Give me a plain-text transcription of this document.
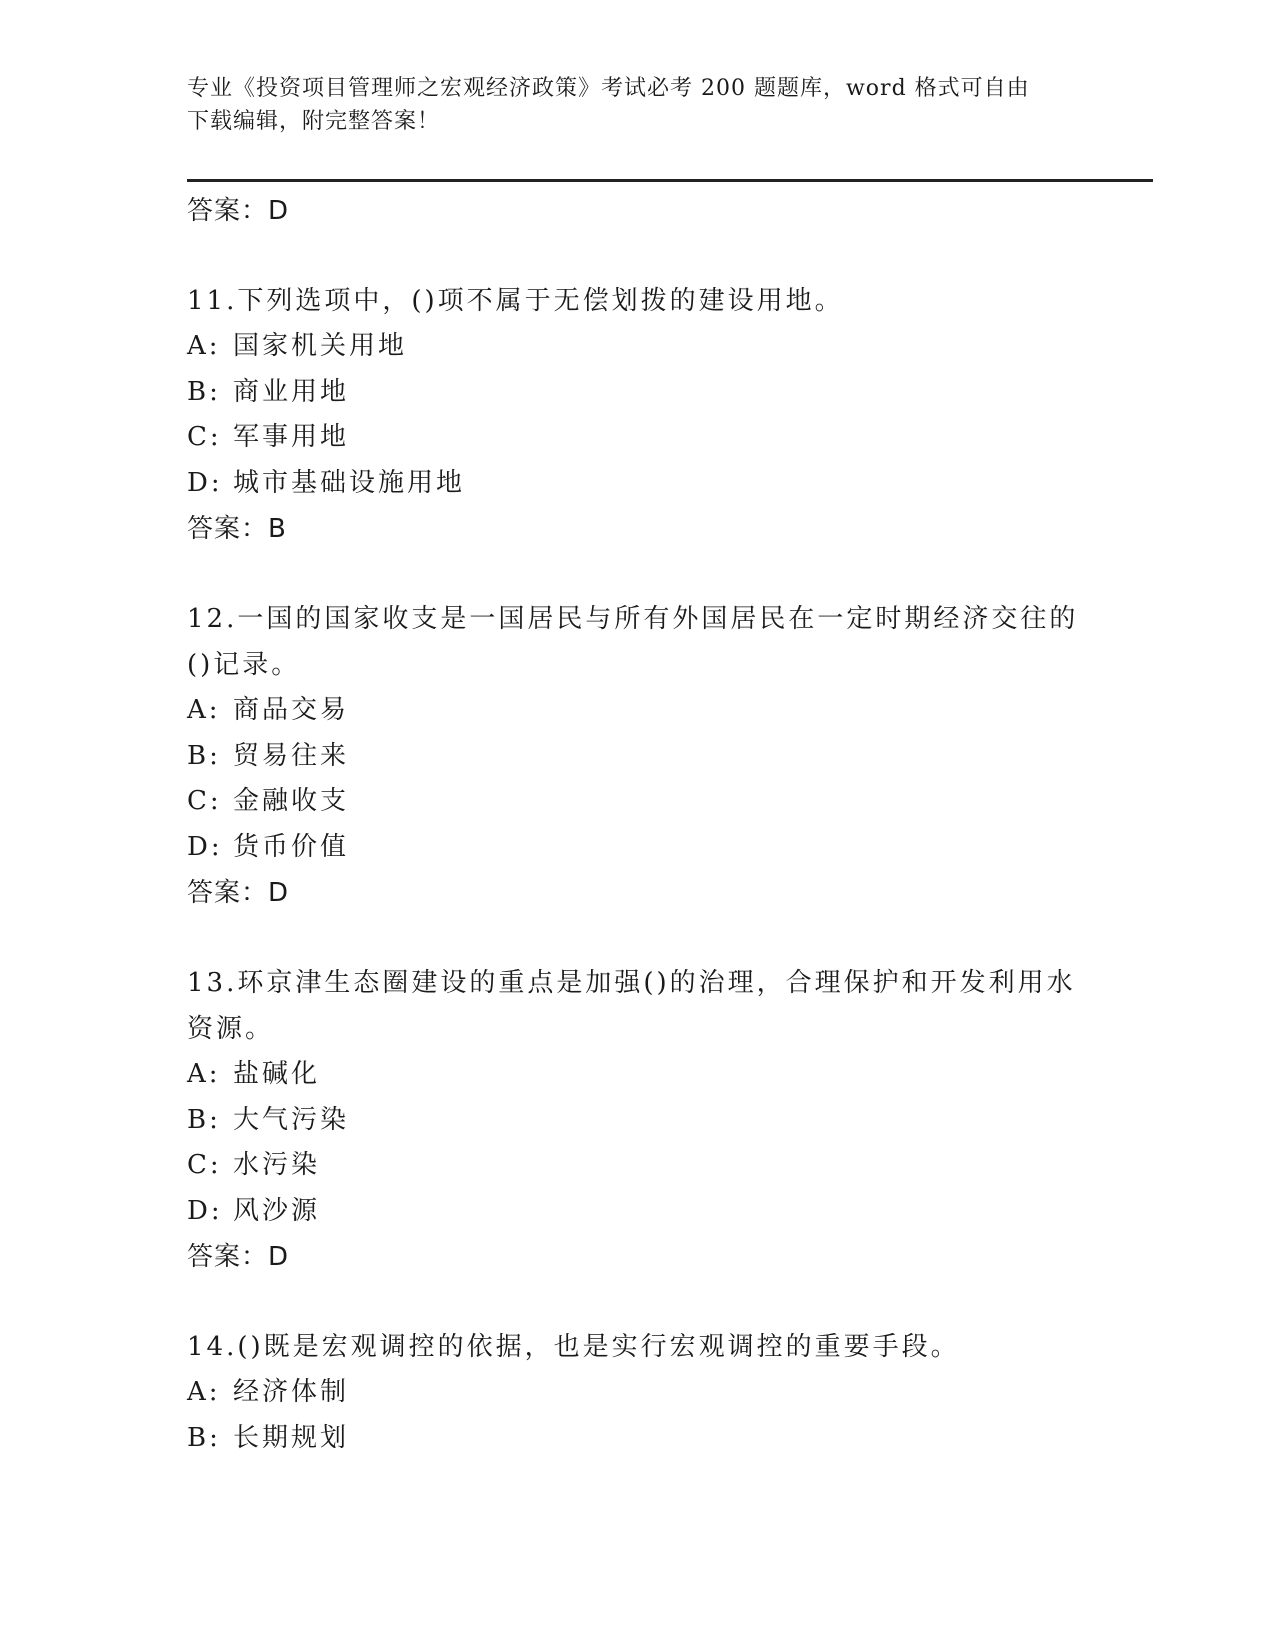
专业《投资项目管理师之宏观经济政策》考试必考 200 题题库，word 格式可自由
下载编辑，附完整答案！
答案：D
11.下列选项中，()项不属于无偿划拨的建设用地。
A: 国家机关用地
B: 商业用地
C: 军事用地
D: 城市基础设施用地
答案：B
12.一国的国家收支是一国居民与所有外国居民在一定时期经济交往的
()记录。
A: 商品交易
B: 贸易往来
C: 金融收支
D: 货币价值
答案：D
13.环京津生态圈建设的重点是加强()的治理，合理保护和开发利用水
资源。
A: 盐碱化
B: 大气污染
C: 水污染
D: 风沙源
答案：D
14.()既是宏观调控的依据，也是实行宏观调控的重要手段。
A: 经济体制
B: 长期规划
